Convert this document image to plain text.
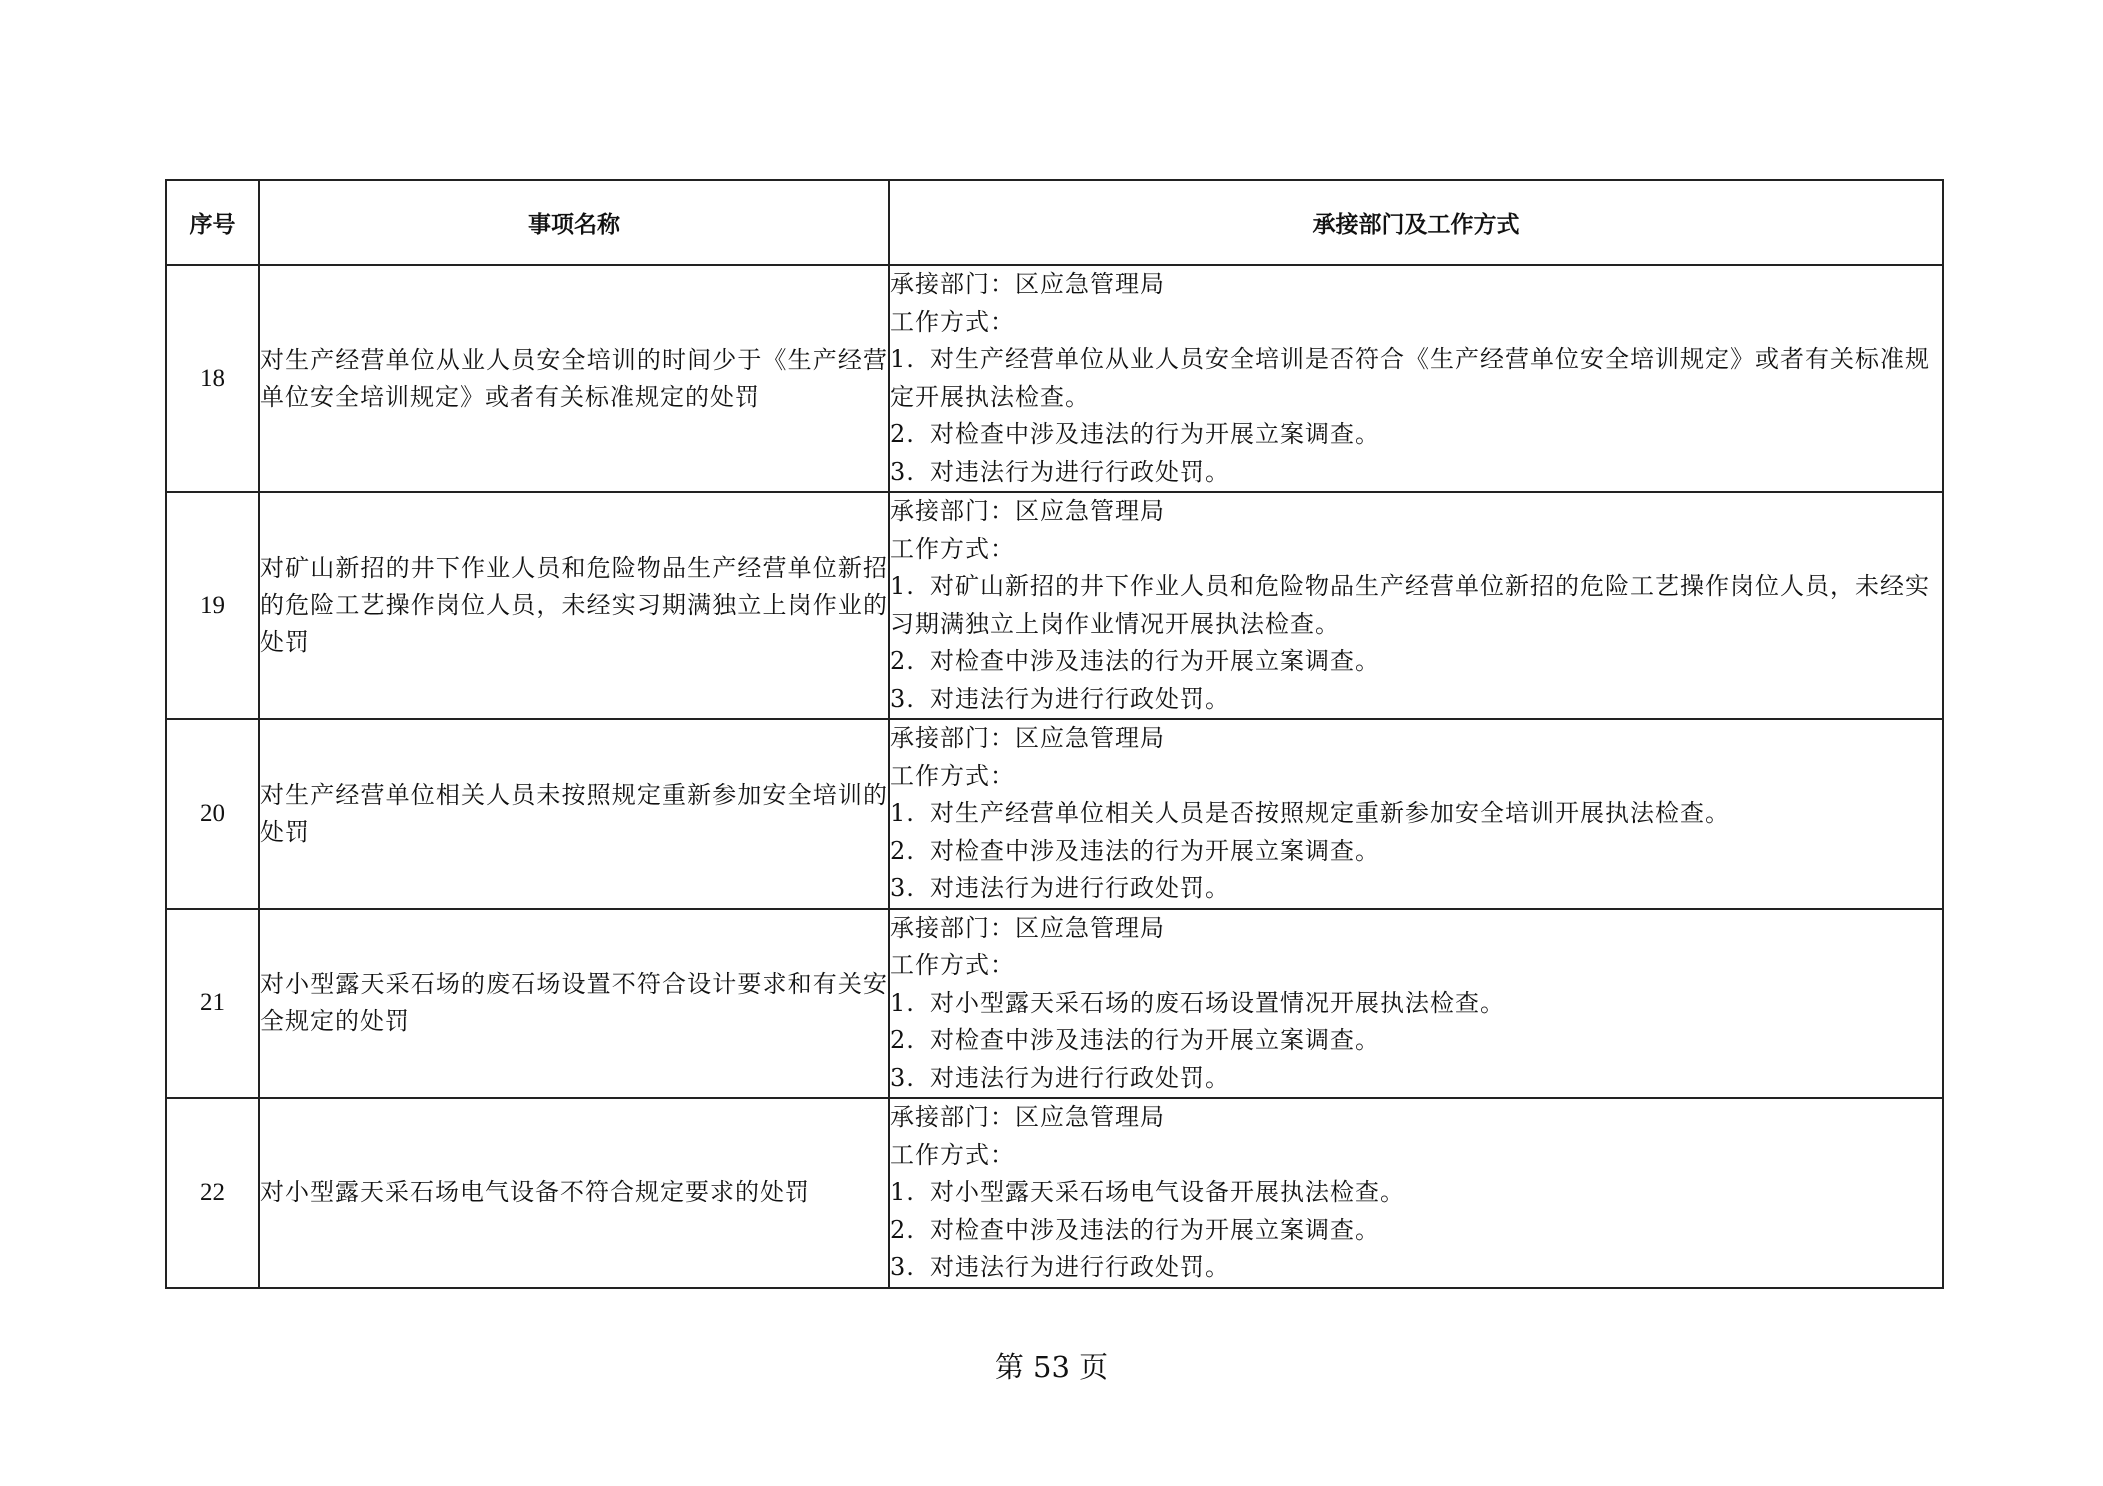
序号	事项名称	承接部门及工作方式
18	对生产经营单位从业人员安全培训的时间少于《生产经营单位安全培训规定》或者有关标准规定的处罚	承接部门：区应急管理局
工作方式：
1. 对生产经营单位从业人员安全培训是否符合《生产经营单位安全培训规定》或者有关标准规定开展执法检查。
2. 对检查中涉及违法的行为开展立案调查。
3. 对违法行为进行行政处罚。

19	对矿山新招的井下作业人员和危险物品生产经营单位新招的危险工艺操作岗位人员，未经实习期满独立上岗作业的处罚	承接部门：区应急管理局
工作方式：
1. 对矿山新招的井下作业人员和危险物品生产经营单位新招的危险工艺操作岗位人员，未经实习期满独立上岗作业情况开展执法检查。
2. 对检查中涉及违法的行为开展立案调查。
3. 对违法行为进行行政处罚。

20	对生产经营单位相关人员未按照规定重新参加安全培训的处罚	承接部门：区应急管理局
工作方式：
1. 对生产经营单位相关人员是否按照规定重新参加安全培训开展执法检查。
2. 对检查中涉及违法的行为开展立案调查。
3. 对违法行为进行行政处罚。

21	对小型露天采石场的废石场设置不符合设计要求和有关安全规定的处罚	承接部门：区应急管理局
工作方式：
1. 对小型露天采石场的废石场设置情况开展执法检查。
2. 对检查中涉及违法的行为开展立案调查。
3. 对违法行为进行行政处罚。

22	对小型露天采石场电气设备不符合规定要求的处罚	承接部门：区应急管理局
工作方式：
1. 对小型露天采石场电气设备开展执法检查。
2. 对检查中涉及违法的行为开展立案调查。
3. 对违法行为进行行政处罚。
第 53 页
